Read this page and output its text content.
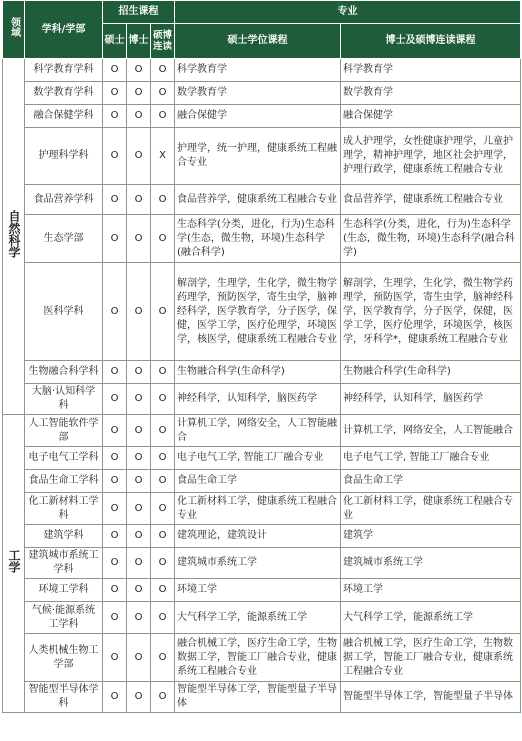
领域	学科/学部	招生课程			专业	
		硕士	博士	硕博连读	硕士学位课程	博士及硕博连读课程
自然科学	科学教育学科	O	O	O	科学教育学	科学教育学
	数学教育学科	O	O	O	数学教育学	数学教育学
	融合保健学科	O	O	O	融合保健学	融合保健学
	护理科学科	O	O	X	护理学，统一护理，健康系统工程融合专业	成人护理学，女性健康护理学，儿童护理学，精神护理学，地区社会护理学，护理行政学，健康系统工程融合专业
	食品营养学科	O	O	O	食品营养学，健康系统工程融合专业	食品营养学，健康系统工程融合专业
	生态学部	O	O	O	生态科学(分类，进化，行为)生态科学(生态，微生物，环境)生态科学(融合科学)	生态科学(分类，进化，行为)生态科学(生态，微生物，环境)生态科学(融合科学)
	医科学科	O	O	O	解剖学，生理学，生化学，微生物学药理学，预防医学，寄生虫学，脑神经科学，医学教育学，分子医学，保健，医学工学，医疗伦理学，环境医学，核医学，健康系统工程融合专业	解剖学，生理学，生化学，微生物学药理学，预防医学，寄生虫学，脑神经科学，医学教育学，分子医学，保健，医学工学，医疗伦理学，环境医学，核医学，牙科学*，健康系统工程融合专业
	生物融合科学科	O	O	O	生物融合科学(生命科学)	生物融合科学(生命科学)
	大脑·认知科学科	O	O	O	神经科学，认知科学，脑医药学	神经科学，认知科学，脑医药学
工学	人工智能软件学部	O	O	O	计算机工学，网络安全，人工智能融合	计算机工学，网络安全，人工智能融合
	电子电气工学科	O	O	O	电子电气工学, 智能工厂融合专业	电子电气工学, 智能工厂融合专业
	食品生命工学科	O	O	O	食品生命工学	食品生命工学
	化工新材料工学科	O	O	O	化工新材料工学，健康系统工程融合专业	化工新材料工学，健康系统工程融合专业
	建筑学科	O	O	O	建筑理论，建筑设计	建筑学
	建筑城市系统工学科	O	O	O	建筑城市系统工学	建筑城市系统工学
	环境工学科	O	O	O	环境工学	环境工学
	气候·能源系统工学科	O	O	O	大气科学工学，能源系统工学	大气科学工学，能源系统工学
	人类机械生物工学部	O	O	O	融合机械工学，医疗生命工学，生物数据工学，智能工厂融合专业，健康系统工程融合专业	融合机械工学，医疗生命工学，生物数据工学，智能工厂融合专业，健康系统工程融合专业
	智能型半导体学科	O	O	O	智能型半导体工学，智能型量子半导体	智能型半导体工学，智能型量子半导体
